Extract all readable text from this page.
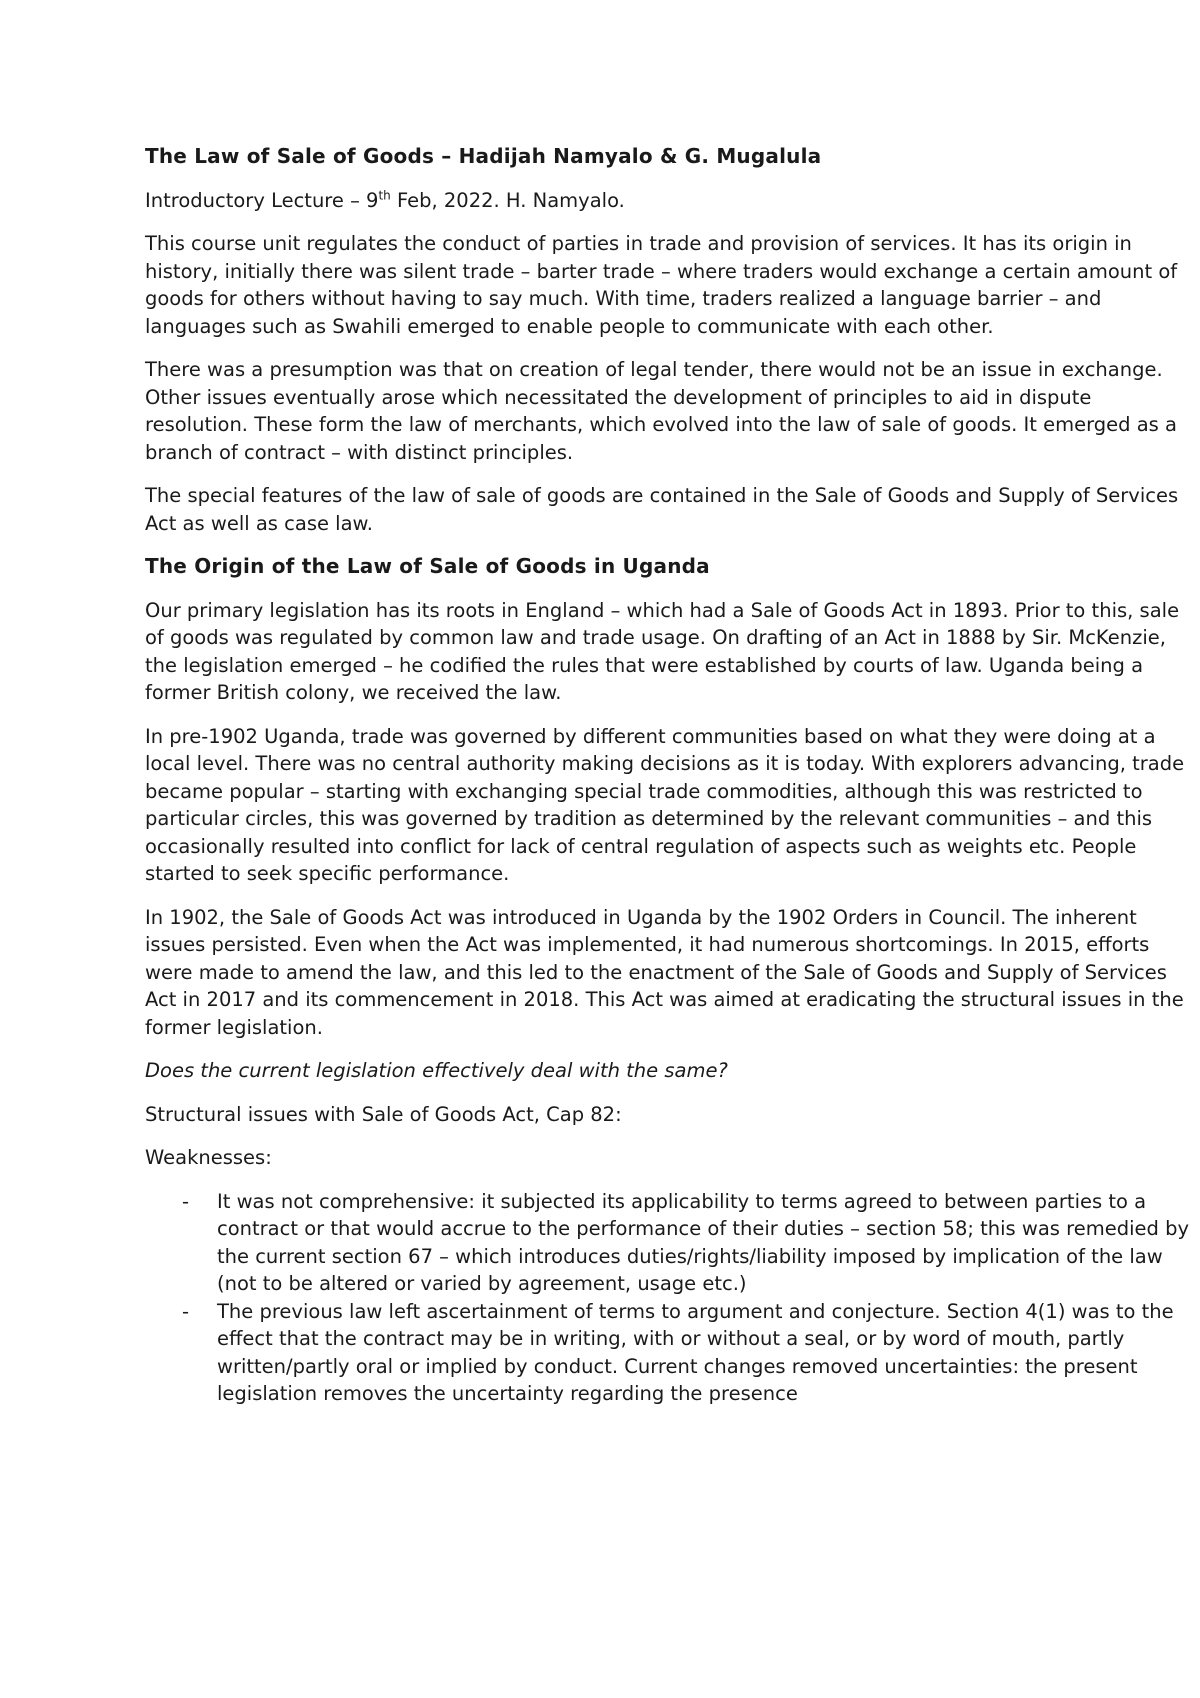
The Law of Sale of Goods – Hadijah Namyalo & G. Mugalula

Introductory Lecture – 9th Feb, 2022. H. Namyalo.

This course unit regulates the conduct of parties in trade and provision of services. It has its origin in history, initially there was silent trade – barter trade – where traders would exchange a certain amount of goods for others without having to say much. With time, traders realized a language barrier – and languages such as Swahili emerged to enable people to communicate with each other.

There was a presumption was that on creation of legal tender, there would not be an issue in exchange. Other issues eventually arose which necessitated the development of principles to aid in dispute resolution. These form the law of merchants, which evolved into the law of sale of goods. It emerged as a branch of contract – with distinct principles.

The special features of the law of sale of goods are contained in the Sale of Goods and Supply of Services Act as well as case law.

The Origin of the Law of Sale of Goods in Uganda

Our primary legislation has its roots in England – which had a Sale of Goods Act in 1893. Prior to this, sale of goods was regulated by common law and trade usage. On drafting of an Act in 1888 by Sir. McKenzie, the legislation emerged – he codified the rules that were established by courts of law. Uganda being a former British colony, we received the law.

In pre-1902 Uganda, trade was governed by different communities based on what they were doing at a local level. There was no central authority making decisions as it is today. With explorers advancing, trade became popular – starting with exchanging special trade commodities, although this was restricted to particular circles, this was governed by tradition as determined by the relevant communities – and this occasionally resulted into conflict for lack of central regulation of aspects such as weights etc. People started to seek specific performance.

In 1902, the Sale of Goods Act was introduced in Uganda by the 1902 Orders in Council. The inherent issues persisted. Even when the Act was implemented, it had numerous shortcomings. In 2015, efforts were made to amend the law, and this led to the enactment of the Sale of Goods and Supply of Services Act in 2017 and its commencement in 2018. This Act was aimed at eradicating the structural issues in the former legislation.

Does the current legislation effectively deal with the same?

Structural issues with Sale of Goods Act, Cap 82:

Weaknesses:

- It was not comprehensive: it subjected its applicability to terms agreed to between parties to a contract or that would accrue to the performance of their duties – section 58; this was remedied by the current section 67 – which introduces duties/rights/liability imposed by implication of the law (not to be altered or varied by agreement, usage etc.)
- The previous law left ascertainment of terms to argument and conjecture. Section 4(1) was to the effect that the contract may be in writing, with or without a seal, or by word of mouth, partly written/partly oral or implied by conduct. Current changes removed uncertainties: the present legislation removes the uncertainty regarding the presence
